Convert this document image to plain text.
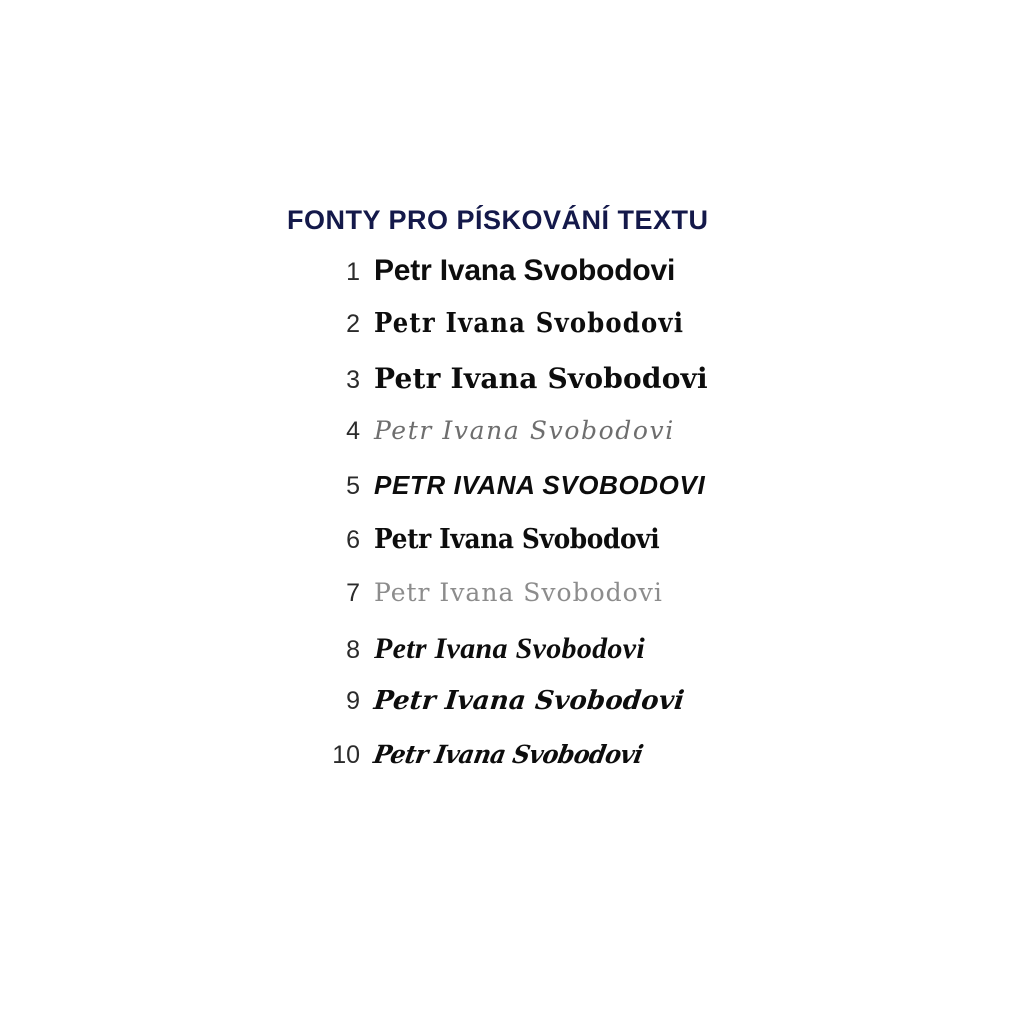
FONTY PRO PÍSKOVÁNÍ TEXTU
1 Petr Ivana Svobodovi
2 Petr Ivana Svobodovi
3 Petr Ivana Svobodovi
4 Petr Ivana Svobodovi
5 PETR IVANA SVOBODOVI
6 Petr Ivana Svobodovi
7 Petr Ivana Svobodovi
8 Petr Ivana Svobodovi
9 Petr Ivana Svobodovi
10 Petr Ivana Svobodovi
